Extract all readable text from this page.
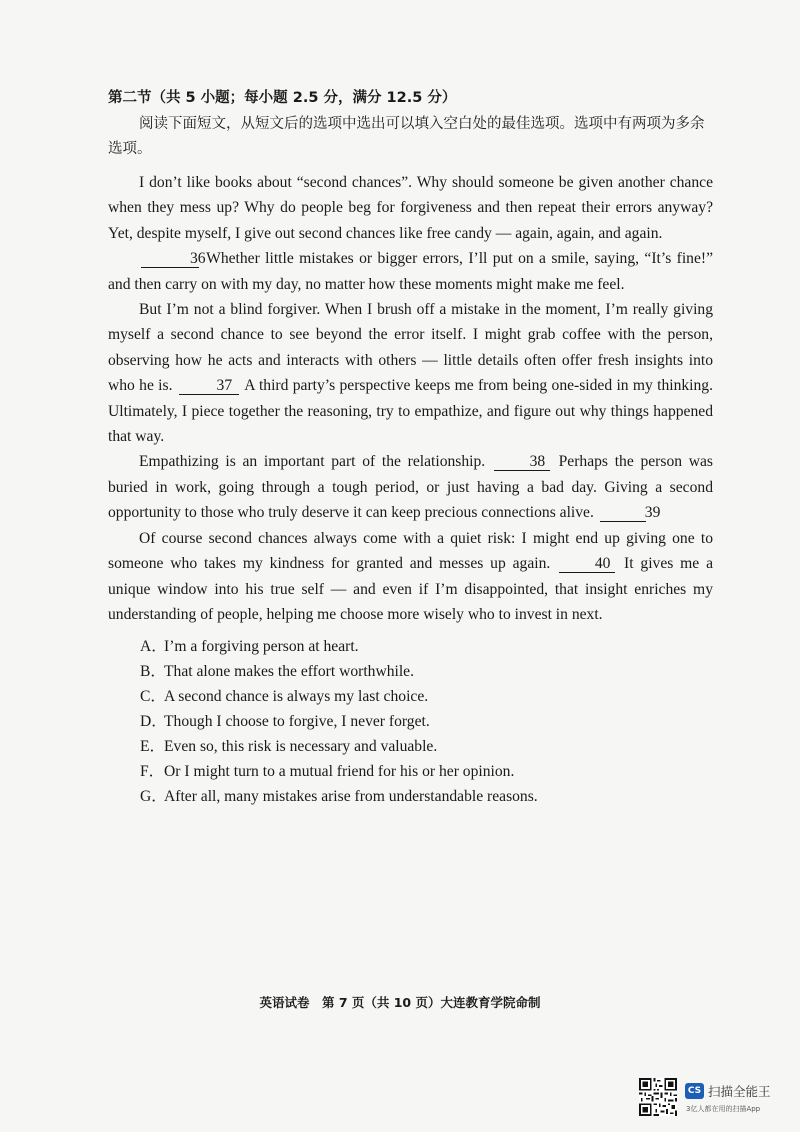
第二节（共 5 小题；每小题 2.5 分，满分 12.5 分）
阅读下面短文，从短文后的选项中选出可以填入空白处的最佳选项。选项中有两项为多余选项。

I don’t like books about “second chances”. Why should someone be given another chance when they mess up? Why do people beg for forgiveness and then repeat their errors anyway? Yet, despite myself, I give out second chances like free candy — again, again, and again.

36 Whether little mistakes or bigger errors, I’ll put on a smile, saying, “It’s fine!” and then carry on with my day, no matter how these moments might make me feel.

But I’m not a blind forgiver. When I brush off a mistake in the moment, I’m really giving myself a second chance to see beyond the error itself. I might grab coffee with the person, observing how he acts and interacts with others — little details often offer fresh insights into who he is.	37 A third party’s perspective keeps me from being one-sided in my thinking. Ultimately, I piece together the reasoning, try to empathize, and figure out why things happened that way.

Empathizing is an important part of the relationship.	38 Perhaps the person was buried in work, going through a tough period, or just having a bad day. Giving a second opportunity to those who truly deserve it can keep precious connections alive.	39

Of course second chances always come with a quiet risk: I might end up giving one to someone who takes my kindness for granted and messes up again.	40 It gives me a unique window into his true self — and even if I’m disappointed, that insight enriches my understanding of people, helping me choose more wisely who to invest in next.

A．
I’m a forgiving person at heart.
B．
That alone makes the effort worthwhile.
C．
A second chance is always my last choice.
D．
Though I choose to forgive, I never forget.
E．
Even so, this risk is necessary and valuable.
F． Or I might turn to a mutual friend for his or her opinion.
G．
After all, many mistakes arise from understandable reasons.
英语试卷　第 7 页（共 10 页）大连教育学院命制
CS 扫描全能王
3亿人都在用的扫描App
